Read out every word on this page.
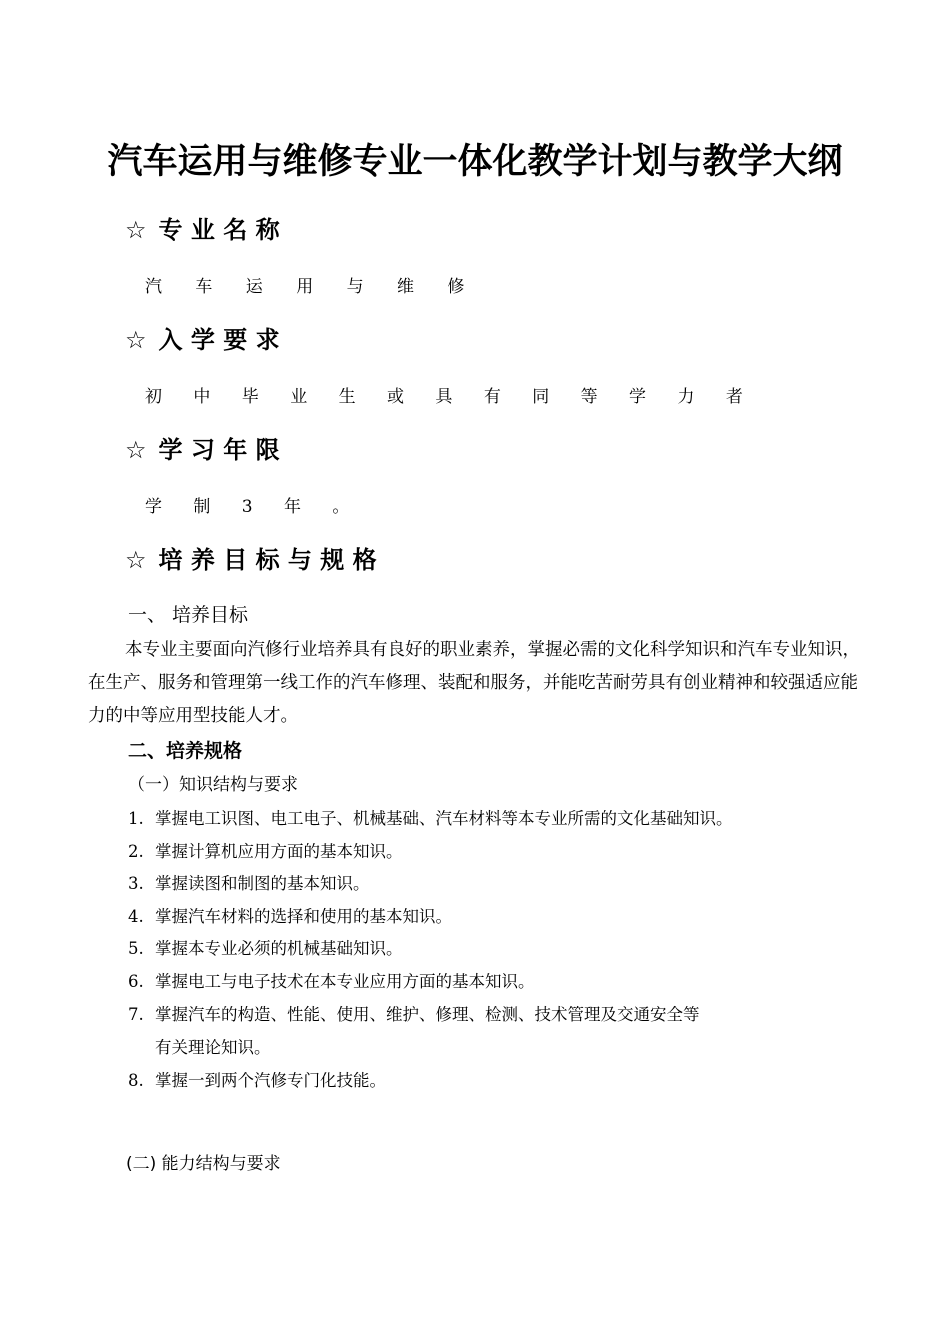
汽车运用与维修专业一体化教学计划与教学大纲
☆ 专 业 名 称
汽 车 运 用 与 维 修
☆ 入 学 要 求
初 中 毕 业 生 或 具 有 同 等 学 力 者
☆ 学 习 年 限
学 制 3 年 。
☆ 培 养 目 标 与 规 格
一、 培养目标
本专业主要面向汽修行业培养具有良好的职业素养，掌握必需的文化科学知识和汽车专业知识，在生产、服务和管理第一线工作的汽车修理、装配和服务，并能吃苦耐劳具有创业精神和较强适应能力的中等应用型技能人才。
二、培养规格
（一）知识结构与要求
1. 掌握电工识图、电工电子、机械基础、汽车材料等本专业所需的文化基础知识。
2. 掌握计算机应用方面的基本知识。
3. 掌握读图和制图的基本知识。
4. 掌握汽车材料的选择和使用的基本知识。
5. 掌握本专业必须的机械基础知识。
6. 掌握电工与电子技术在本专业应用方面的基本知识。
7. 掌握汽车的构造、性能、使用、维护、修理、检测、技术管理及交通安全等
有关理论知识。
8. 掌握一到两个汽修专门化技能。
(二) 能力结构与要求
